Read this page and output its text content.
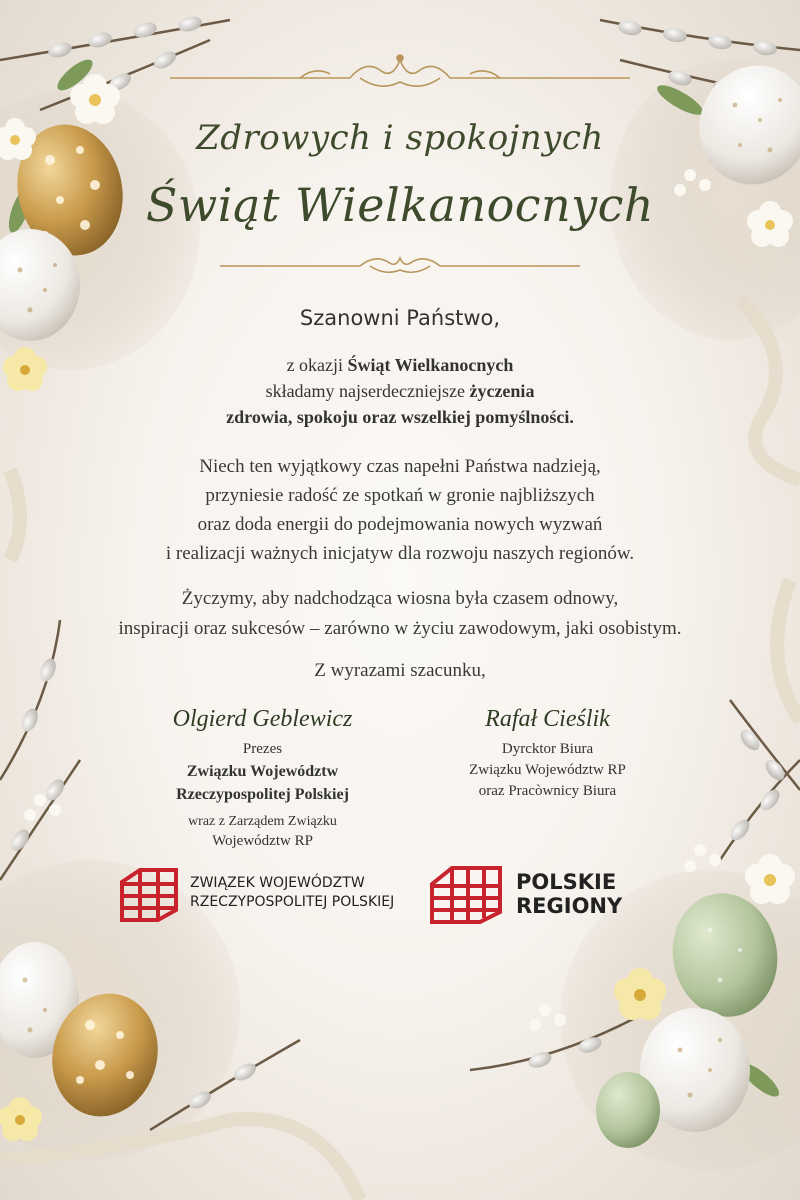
Zdrowych i spokojnych
Świąt Wielkanocnych
Szanowni Państwo,
z okazji Świąt Wielkanocnych
składamy najserdeczniejsze życzenia
zdrowia, spokoju oraz wszelkiej pomyślności.
Niech ten wyjątkowy czas napełni Państwa nadzieją,
przyniesie radość ze spotkań w gronie najbliższych
oraz doda energii do podejmowania nowych wyzwań
i realizacji ważnych inicjatyw dla rozwoju naszych regionów.
Życzymy, aby nadchodząca wiosna była czasem odnowy,
inspiracji oraz sukcesów – zarówno w życiu zawodowym, jaki osobistym.
Z wyrazami szacunku,
Olgierd Geblewicz
Prezes
Związku Województw
Rzeczypospolitej Polskiej
wraz z Zarządem Związku
Województw RP
Rafał Cieślik
Dyrcktor Biura
Związku Województw RP
oraz Pracòwnicy Biura
ZWIĄZEK WOJEWÓDZTW
RZECZYPOSPOLITEJ POLSKIEJ
POLSKIE
REGIONY
